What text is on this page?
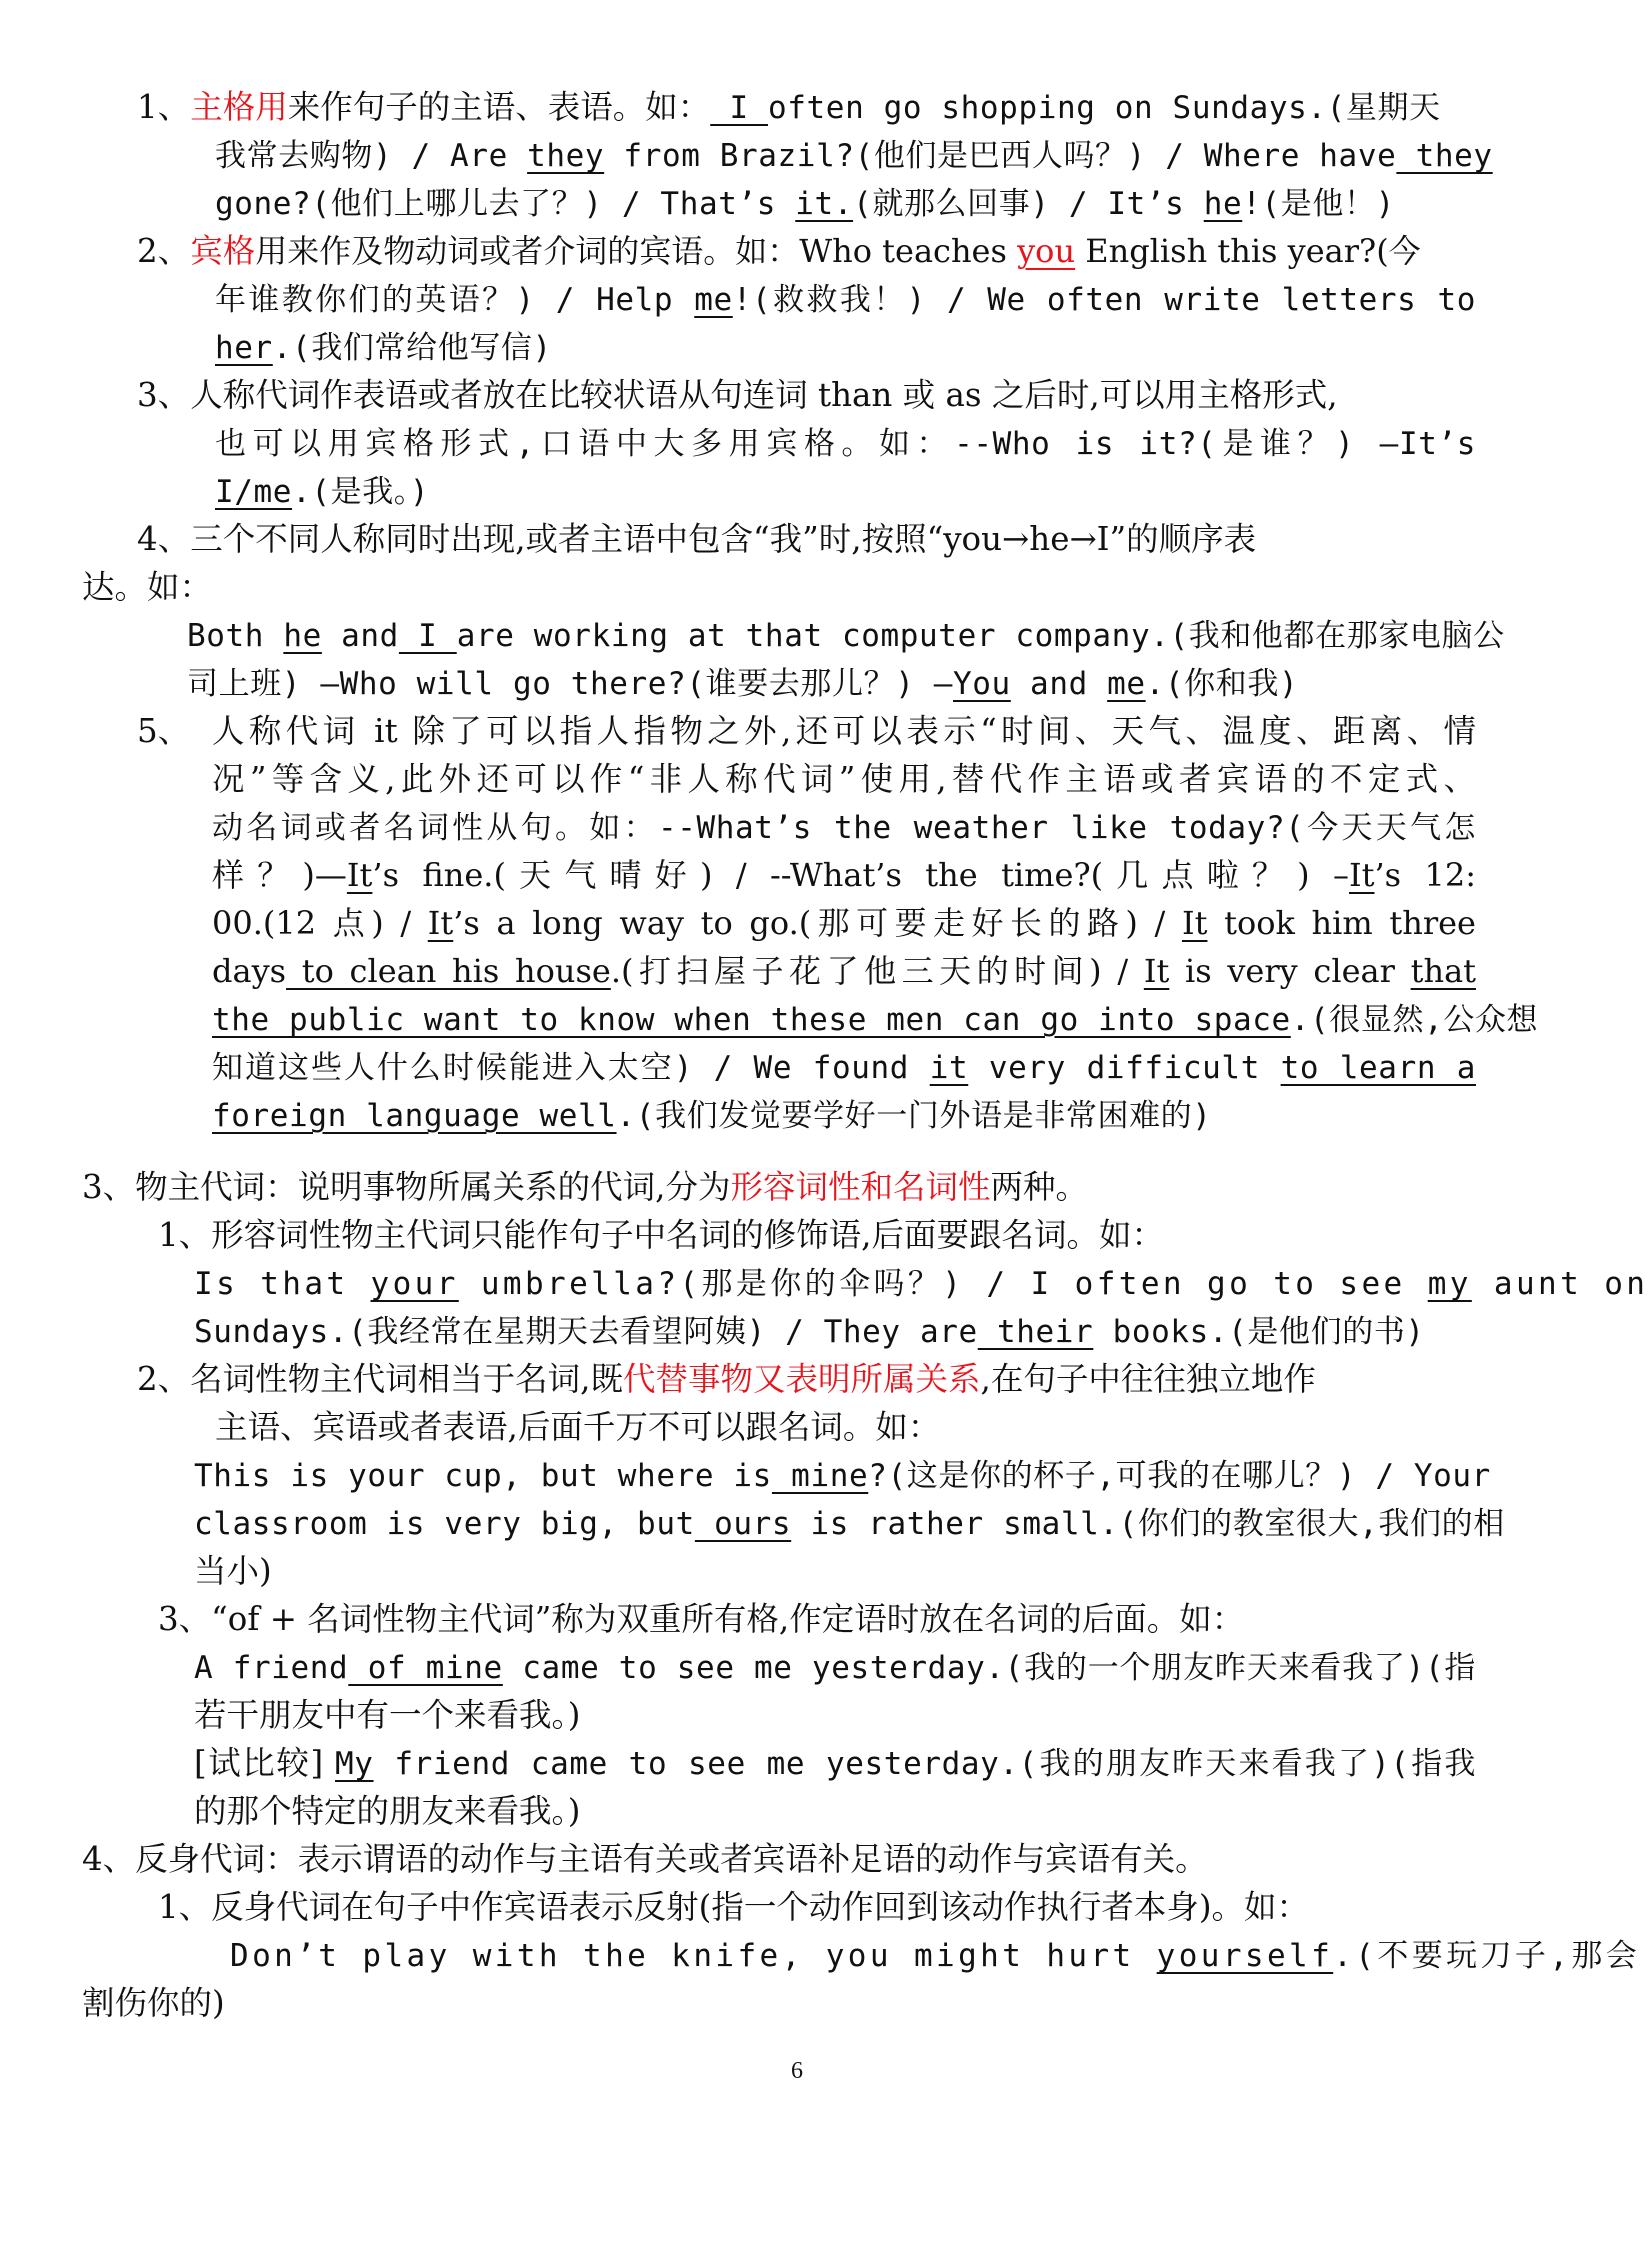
1、主格用来作句子的主语、表语。如： I often go shopping on Sundays.(星期天
我常去购物) / Are they from Brazil?(他们是巴西人吗？) / Where have they
gone?(他们上哪儿去了？) / That’s it.(就那么回事) / It’s he!(是他！)
2、宾格用来作及物动词或者介词的宾语。如：Who teaches you English this year?(今
年谁教你们的英语？) / Help me!(救救我！) / We often write letters to
her.(我们常给他写信)
3、人称代词作表语或者放在比较状语从句连词 than 或 as 之后时,可以用主格形式,
也可以用宾格形式,口语中大多用宾格。如：--Who is it?(是谁？) –It’s
I/me.(是我。)
4、三个不同人称同时出现,或者主语中包含“我”时,按照“you→he→I”的顺序表
达。如：
Both he and I are working at that computer company.(我和他都在那家电脑公
司上班) –Who will go there?(谁要去那儿？) –You and me.(你和我)
5、 人称代词 it 除了可以指人指物之外,还可以表示“时间、天气、温度、距离、情
况”等含义,此外还可以作“非人称代词”使用,替代作主语或者宾语的不定式、
动名词或者名词性从句。如：--What’s the weather like today?(今天天气怎
样？)—It’s fine.(天气晴好) / --What’s the time?(几点啦？) –It’s 12:
00.(12 点) / It’s a long way to go.(那可要走好长的路) / It took him three
days to clean his house.(打扫屋子花了他三天的时间) / It is very clear that
the public want to know when these men can go into space.(很显然,公众想
知道这些人什么时候能进入太空) / We found it very difficult to learn a
foreign language well.(我们发觉要学好一门外语是非常困难的)
3、物主代词：说明事物所属关系的代词,分为形容词性和名词性两种。
1、形容词性物主代词只能作句子中名词的修饰语,后面要跟名词。如：
Is that your umbrella?(那是你的伞吗？) / I often go to see my aunt on
Sundays.(我经常在星期天去看望阿姨) / They are their books.(是他们的书)
2、名词性物主代词相当于名词,既代替事物又表明所属关系,在句子中往往独立地作
主语、宾语或者表语,后面千万不可以跟名词。如：
This is your cup, but where is mine?(这是你的杯子,可我的在哪儿？) / Your
classroom is very big, but ours is rather small.(你们的教室很大,我们的相
当小)
3、“of + 名词性物主代词”称为双重所有格,作定语时放在名词的后面。如：
A friend of mine came to see me yesterday.(我的一个朋友昨天来看我了)(指
若干朋友中有一个来看我。)
[试比较] My friend came to see me yesterday.(我的朋友昨天来看我了)(指我
的那个特定的朋友来看我。)
4、反身代词：表示谓语的动作与主语有关或者宾语补足语的动作与宾语有关。
1、反身代词在句子中作宾语表示反射(指一个动作回到该动作执行者本身)。如：
Don’t play with the knife, you might hurt yourself.(不要玩刀子,那会
割伤你的)
6
